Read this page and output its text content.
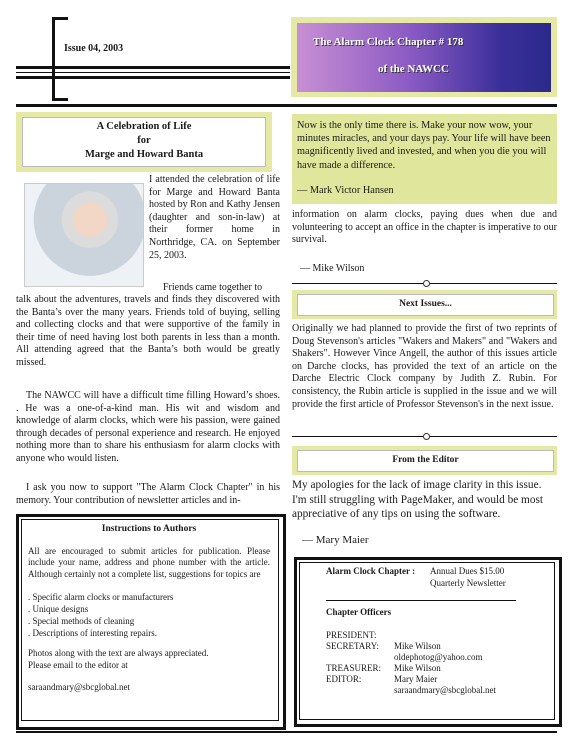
Issue 04, 2003
The Alarm Clock Chapter # 178
of the NAWCC
A Celebration of Life
for
Marge and Howard Banta
I attended the celebration of life for Marge and Howard Banta hosted by Ron and Kathy Jensen (daughter and son-in-law) at their former home in Northridge, CA. on September 25, 2003.
Friends came together to
talk about the adventures, travels and finds they discovered with the Banta’s over the many years. Friends told of buying, selling and collecting clocks and that were supportive of the family in their time of need having lost both parents in less than a month. All attending agreed that the Banta’s both would be greatly missed.
The NAWCC will have a difficult time filling Howard’s shoes. . He was a one-of-a-kind man. His wit and wisdom and knowledge of alarm clocks, which were his passion, were gained through decades of personal experience and research. He enjoyed nothing more than to share his enthusiasm for alarm clocks with anyone who would listen.
I ask you now to support "The Alarm Clock Chapter" in his memory. Your contribution of newsletter articles and in-
Instructions to Authors
All are encouraged to submit articles for publication. Please include your name, address and phone number with the article. Although certainly not a complete list, suggestions for topics are
. Specific alarm clocks or manufacturers
. Unique designs
. Special methods of cleaning
. Descriptions of interesting repairs.
Photos along with the text are always appreciated.
Please email to the editor at
saraandmary@sbcglobal.net
Now is the only time there is. Make your now wow, your minutes miracles, and your days pay. Your life will have been magnificently lived and invested, and when you die you will have made a difference.
— Mark Victor Hansen
information on alarm clocks, paying dues when due and volunteering to accept an office in the chapter is imperative to our survival.
— Mike Wilson
Next Issues...
Originally we had planned to provide the first of two reprints of Doug Stevenson's articles "Wakers and Makers" and "Wakers and Shakers". However Vince Angell, the author of this issues article on Darche clocks, has provided the text of an article on the Darche Electric Clock company by Judith Z. Rubin. For consistency, the Rubin article is supplied in the issue and we will provide the first article of Professor Stevenson's in the next issue.
From the Editor
My apologies for the lack of image clarity in this issue. I'm still struggling with PageMaker, and would be most appreciative of any tips on using the software.
— Mary Maier
Alarm Clock Chapter : Annual Dues $15.00
Quarterly Newsletter
Chapter Officers
PRESIDENT:
SECRETARY: Mike Wilson
oldephotog@yahoo.com
TREASURER: Mike Wilson
EDITOR:	Mary Maier
saraandmary@sbcglobal.net
